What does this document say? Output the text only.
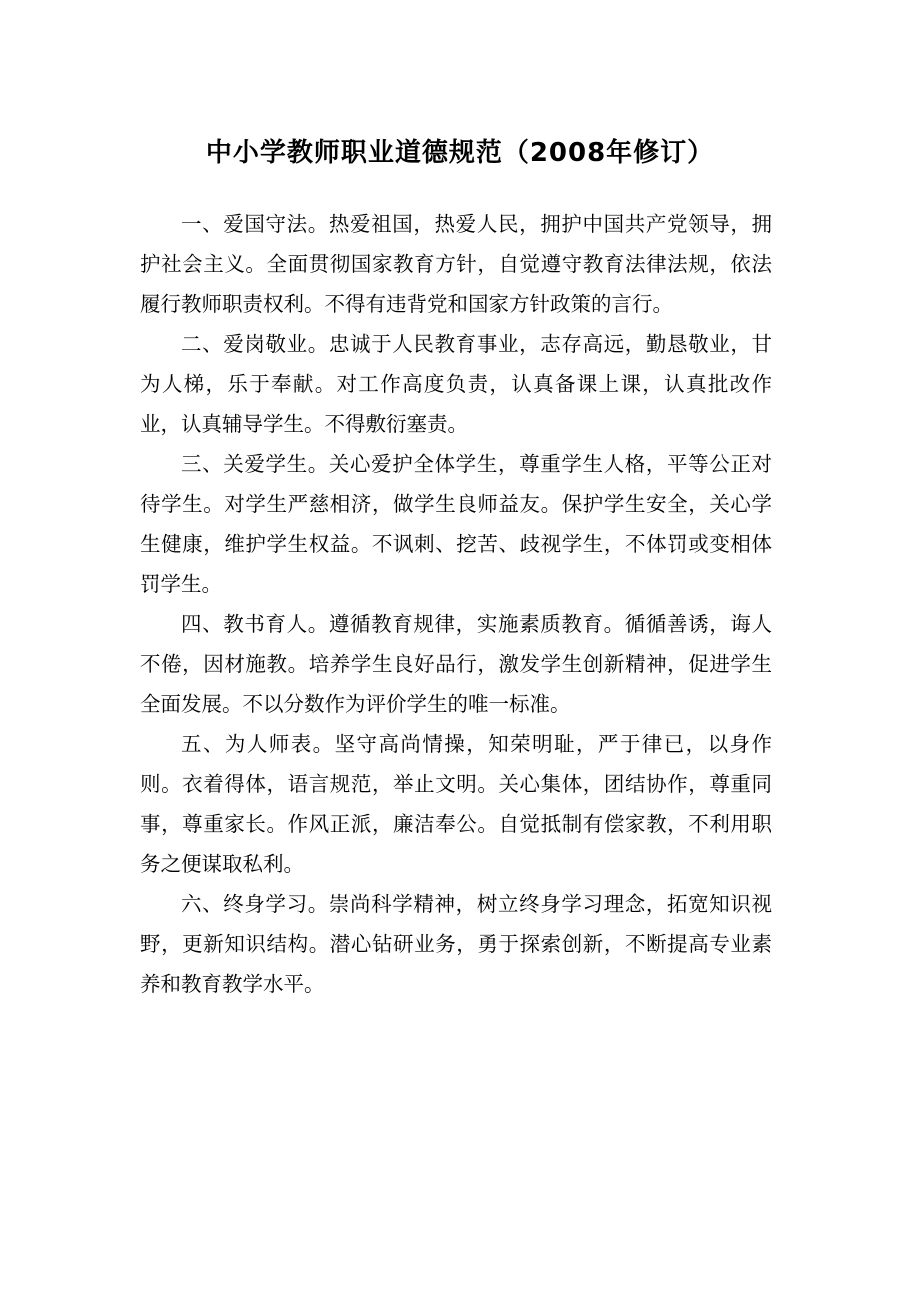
中小学教师职业道德规范（2008年修订）

一、爱国守法。热爱祖国，热爱人民，拥护中国共产党领导，拥护社会主义。全面贯彻国家教育方针，自觉遵守教育法律法规，依法履行教师职责权利。不得有违背党和国家方针政策的言行。

二、爱岗敬业。忠诚于人民教育事业，志存高远，勤恳敬业，甘为人梯，乐于奉献。对工作高度负责，认真备课上课，认真批改作业，认真辅导学生。不得敷衍塞责。

三、关爱学生。关心爱护全体学生，尊重学生人格，平等公正对待学生。对学生严慈相济，做学生良师益友。保护学生安全，关心学生健康，维护学生权益。不讽刺、挖苦、歧视学生，不体罚或变相体罚学生。

四、教书育人。遵循教育规律，实施素质教育。循循善诱，诲人不倦，因材施教。培养学生良好品行，激发学生创新精神，促进学生全面发展。不以分数作为评价学生的唯一标准。

五、为人师表。坚守高尚情操，知荣明耻，严于律已，以身作则。衣着得体，语言规范，举止文明。关心集体，团结协作，尊重同事，尊重家长。作风正派，廉洁奉公。自觉抵制有偿家教，不利用职务之便谋取私利。

六、终身学习。崇尚科学精神，树立终身学习理念，拓宽知识视野，更新知识结构。潜心钻研业务，勇于探索创新，不断提高专业素养和教育教学水平。
